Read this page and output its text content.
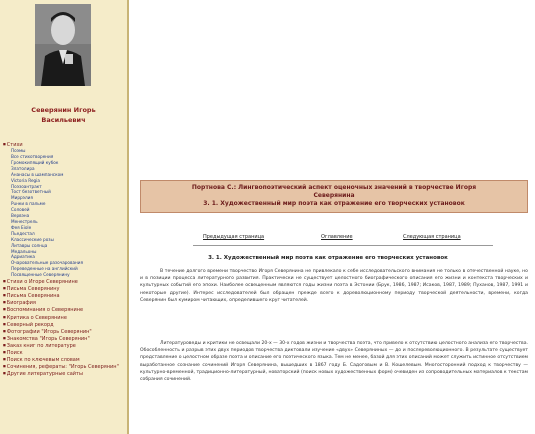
Северянин Игорь
Васильевич
■ Стихи
Поэмы
Все стихотворения
Громокипящий кубок
Златолира
Ананасы в шампанском
Victoria Regia
Поэзоантракт
Тост безответный
Миррэлия
Puнки в пальме
Соловей
Вервэна
Менестрель
Фея Eiole
Пьедестал
Классические розы
Литавры солнца
Медальоны
Адриатика
Очаровательные разочарования
Переведенные на английский
Посвященные Северянину
■ Стихи о Игоре Северянине
■ Письма Северянину
■ Письма Северянина
■ Биография
■ Воспоминания о Северянине
■ Критика о Северянине
■ Северный рекорд
■ Фотографии "Игорь Северянин"
■ Знакомства "Игорь Северянин"
■ Заказ книг по литературе
■ Поиск
■ Поиск по ключевым словам
■ Сочинения, рефераты: "Игорь Северянин"
■ Другие литературные сайты
Портнова С.: Лингвопоэтический аспект оценочных значений в творчестве Игоря
Северянина
3. 1. Художественный мир поэта как отражение его творческих установок
Предыдущая страница	Оглавление	Следующая страница
3. 1. Художественный мир поэта как отражение его творческих установок

В течение долгого времени творчество Игоря Северянина не привлекало к себе исследовательского внимания не только в отечественной науке, но и в позиции процесса литературного развития. Практически не существует целостного биографического описания его жизни и контекста творческих и культурных событий его эпохи. Наиболее освещенным являются годы жизни поэта в Эстонии (Брук, 1986, 1987; Исаков, 1987, 1989; Пуханов, 1987, 1991 и некоторые другие). Интерес исследователей был обращен прежде всего к дореволюционному периоду творческой деятельности, времени, когда Северянин был кумиром читающих, определившего круг читателей.

Литературоведы и критики не освещали 20-х — 30-х годов жизни и творчества поэта, что привело к отсутствию целостного анализа его творчества. Обособленность и разрыв этих двух периодов творчества диктовали изучение «двух» Северяниных — до и послереволюционного. В результате существует представление о целостном образе поэта и описание его поэтического языка. Тем не менее, базой для этих описаний может служить истинное отсутствием выработанное сознание сочинений Игоря Северянина, вышедших в 1867 году Б. Садоговым и В. Кошелевым. Многосторонний подход к творчеству — культурно-временной, традиционно-литературный, новаторский (поиск новых художественных форм) очевиден из сопроводительных материалов к текстам собрания сочинений.
